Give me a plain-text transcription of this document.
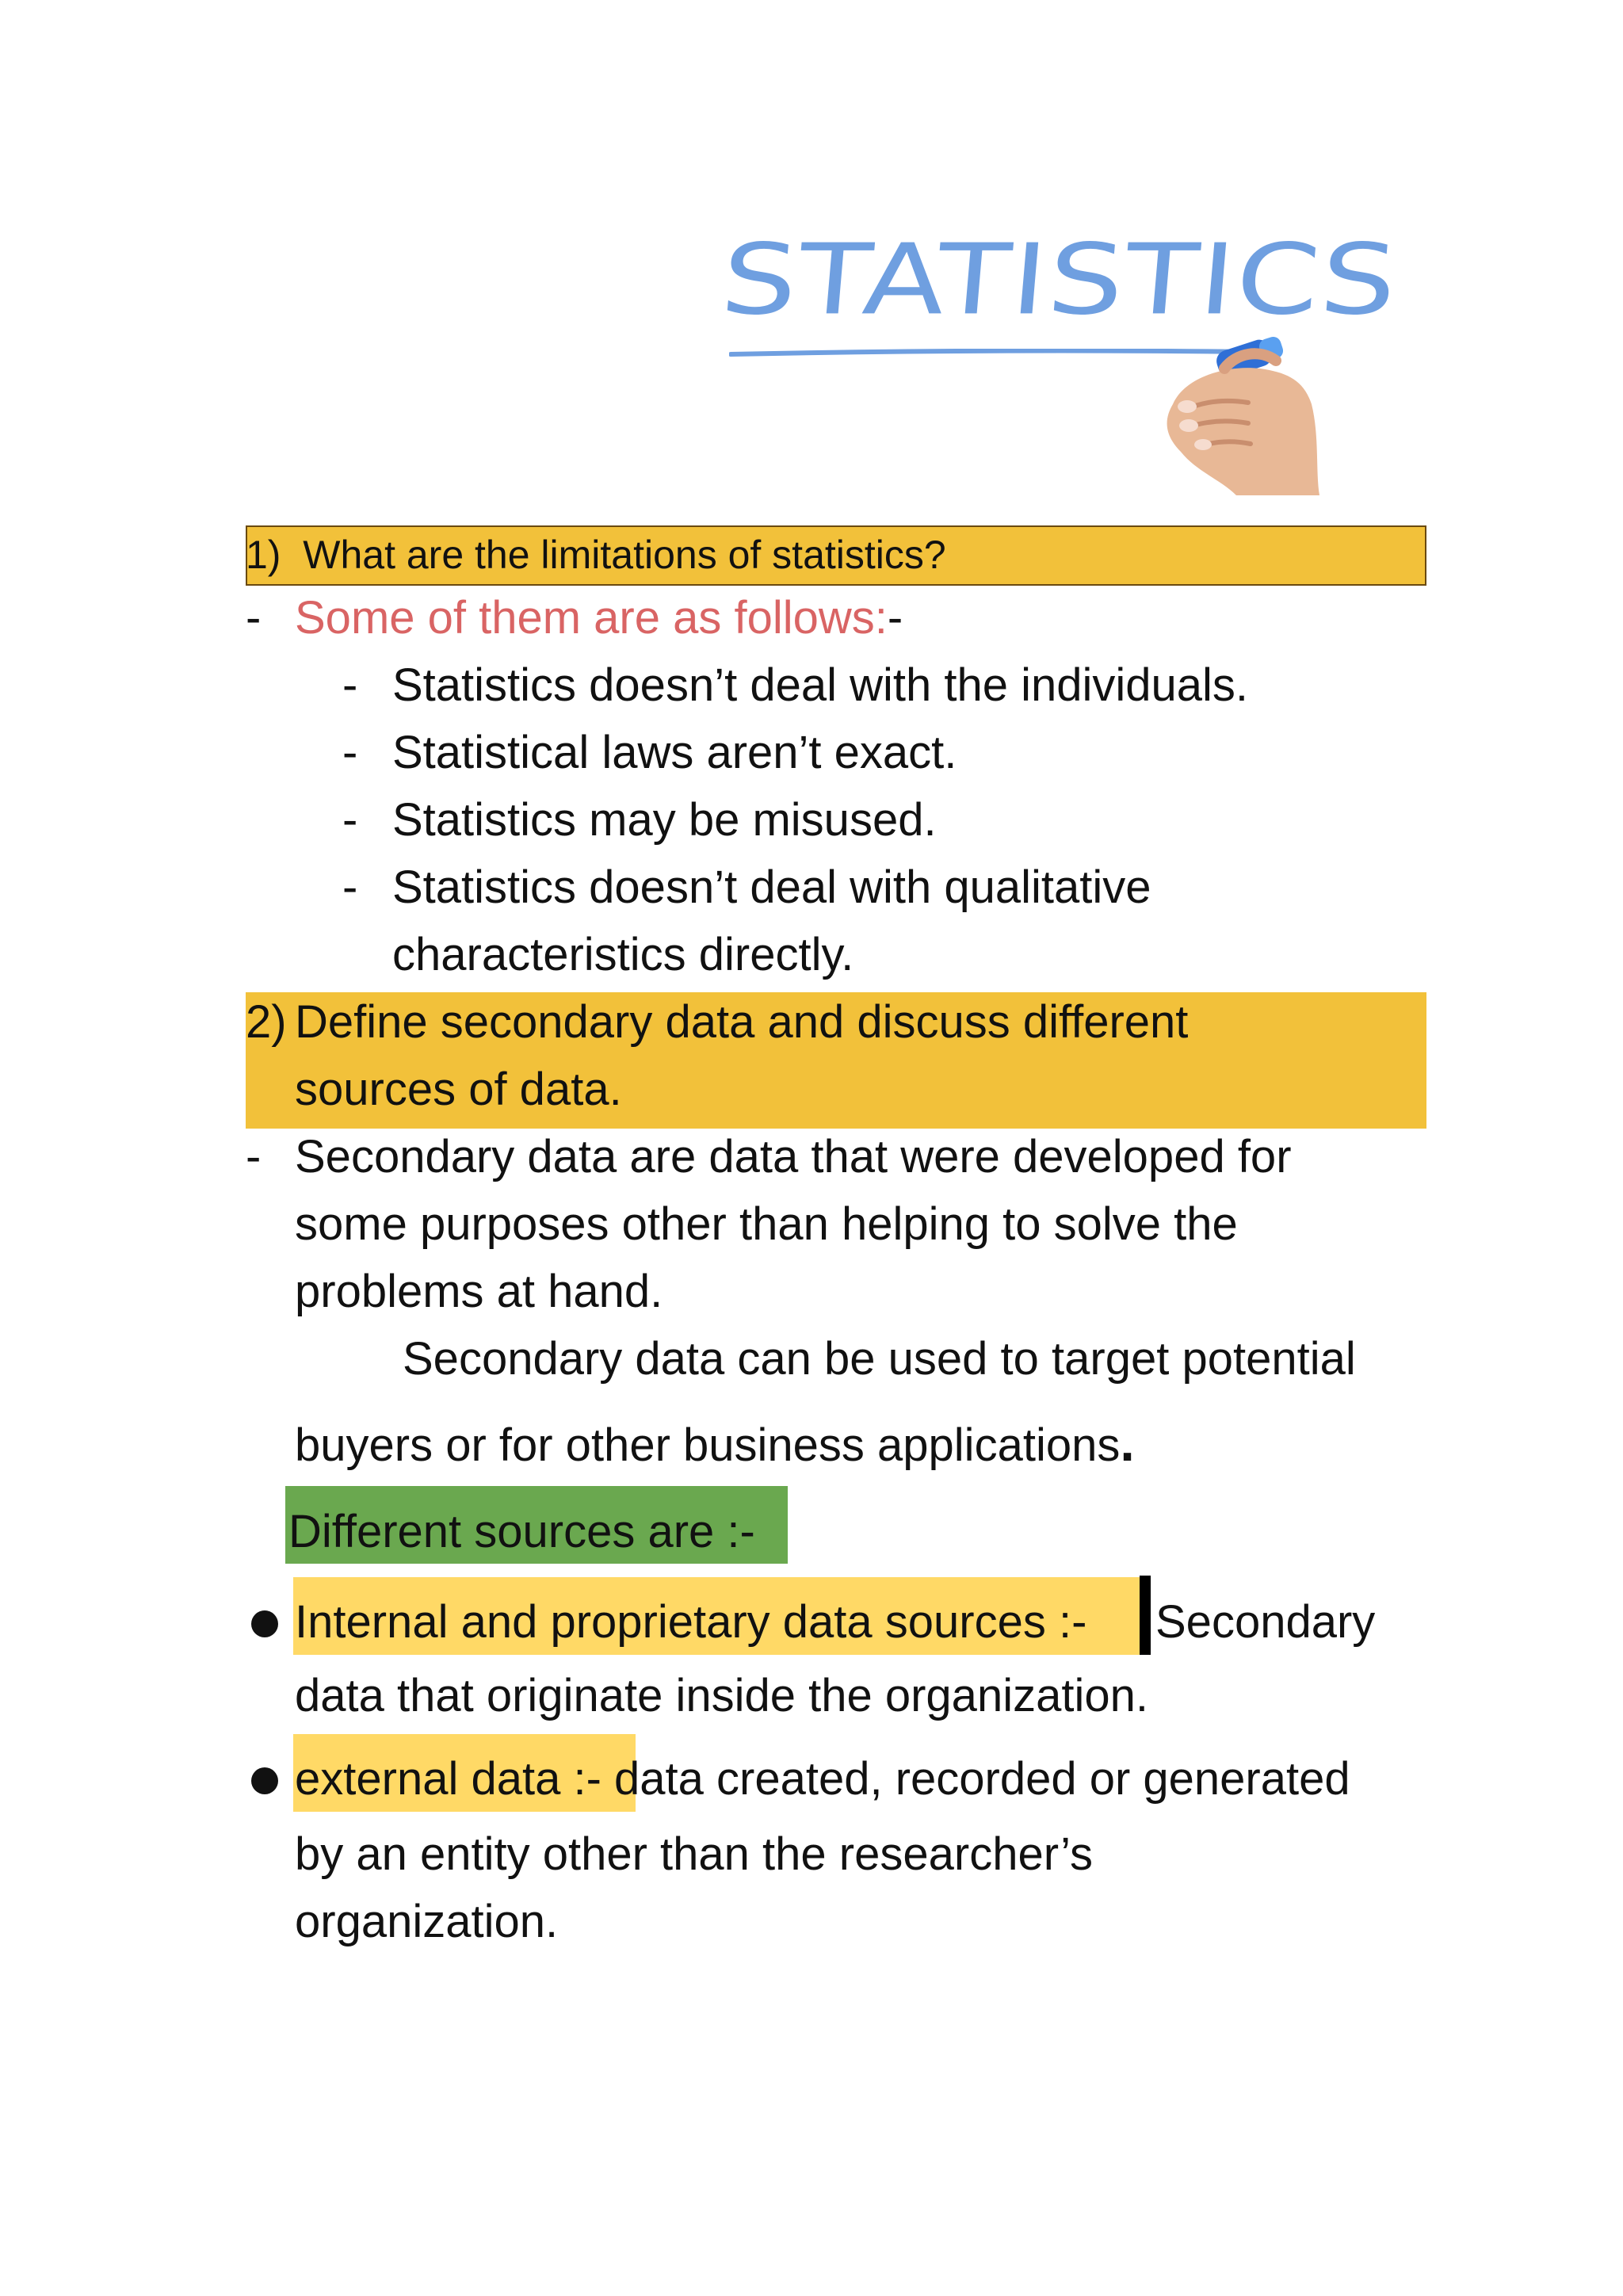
STATISTICS
1) What are the limitations of statistics?
- Some of them are as follows:-
- Statistics doesn’t deal with the individuals.
- Statistical laws aren’t exact.
- Statistics may be misused.
- Statistics doesn’t deal with qualitative
characteristics directly.
2) Define secondary data and discuss different
sources of data.
- Secondary data are data that were developed for
some purposes other than helping to solve the
problems at hand.
Secondary data can be used to target potential
buyers or for other business applications.
Different sources are :-
Internal and proprietary data sources :- Secondary
data that originate inside the organization.
external data :- data created, recorded or generated
by an entity other than the researcher’s
organization.
